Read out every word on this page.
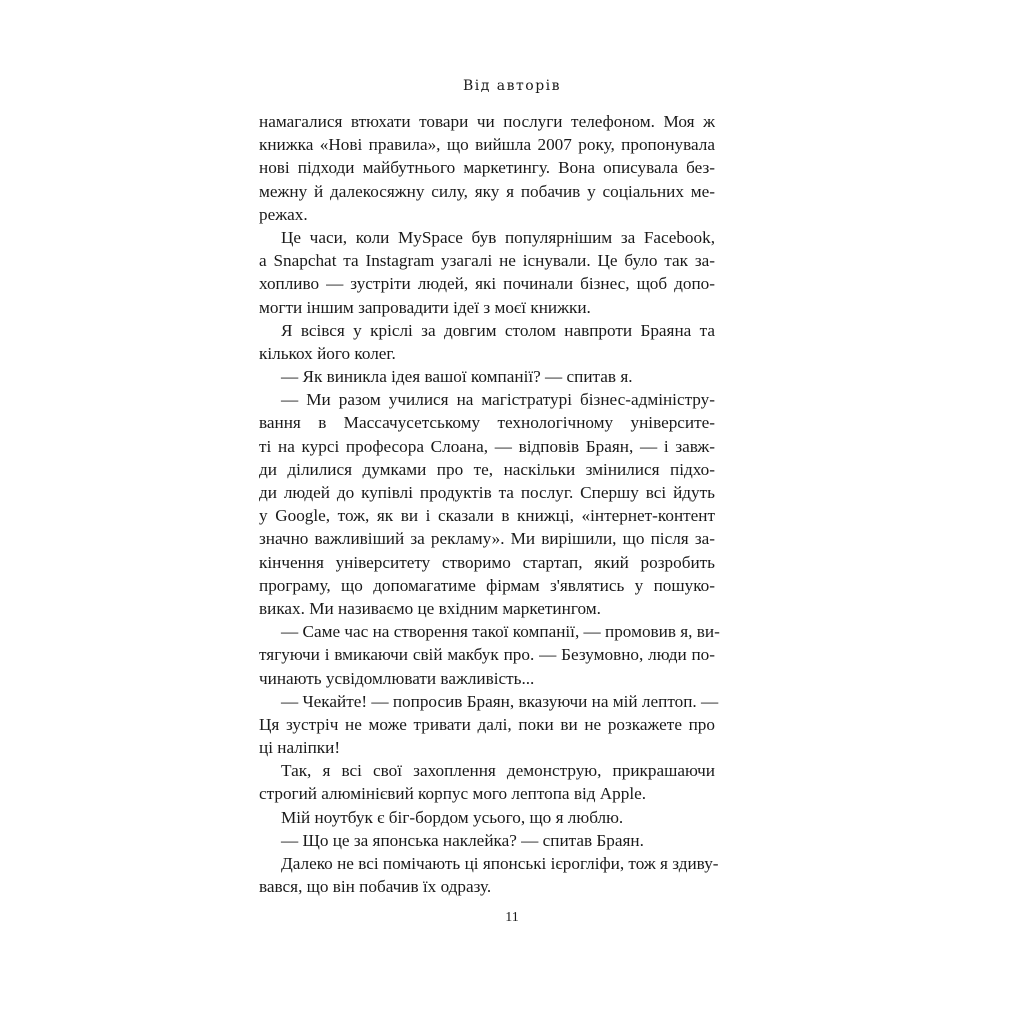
Від авторів
намагалися втюхати товари чи послуги телефоном. Моя ж
книжка «Нові правила», що вийшла 2007 року, пропонувала
нові підходи майбутнього маркетингу. Вона описувала без-
межну й далекосяжну силу, яку я побачив у соціальних ме-
режах.
Це часи, коли MySpace був популярнішим за Facebook,
а Snapchat та Instagram узагалі не існували. Це було так за-
хопливо — зустріти людей, які починали бізнес, щоб допо-
могти іншим запровадити ідеї з моєї книжки.
Я всівся у кріслі за довгим столом навпроти Браяна та
кількох його колег.
— Як виникла ідея вашої компанії? — спитав я.
— Ми разом училися на магістратурі бізнес-адміністру-
вання в Массачусетському технологічному університе-
ті на курсі професора Слоана, — відповів Браян, — і завж-
ди ділилися думками про те, наскільки змінилися підхо-
ди людей до купівлі продуктів та послуг. Спершу всі йдуть
у Google, тож, як ви і сказали в книжці, «інтернет-контент
значно важливіший за рекламу». Ми вирішили, що після за-
кінчення університету створимо стартап, який розробить
програму, що допомагатиме фірмам з'являтись у пошуко-
виках. Ми називаємо це вхідним маркетингом.
— Саме час на створення такої компанії, — промовив я, ви-
тягуючи і вмикаючи свій макбук про. — Безумовно, люди по-
чинають усвідомлювати важливість...
— Чекайте! — попросив Браян, вказуючи на мій лептоп. —
Ця зустріч не може тривати далі, поки ви не розкажете про
ці наліпки!
Так, я всі свої захоплення демонструю, прикрашаючи
строгий алюмінієвий корпус мого лептопа від Apple.
Мій ноутбук є біг-бордом усього, що я люблю.
— Що це за японська наклейка? — спитав Браян.
Далеко не всі помічають ці японські ієрогліфи, тож я здиву-
вався, що він побачив їх одразу.
11
